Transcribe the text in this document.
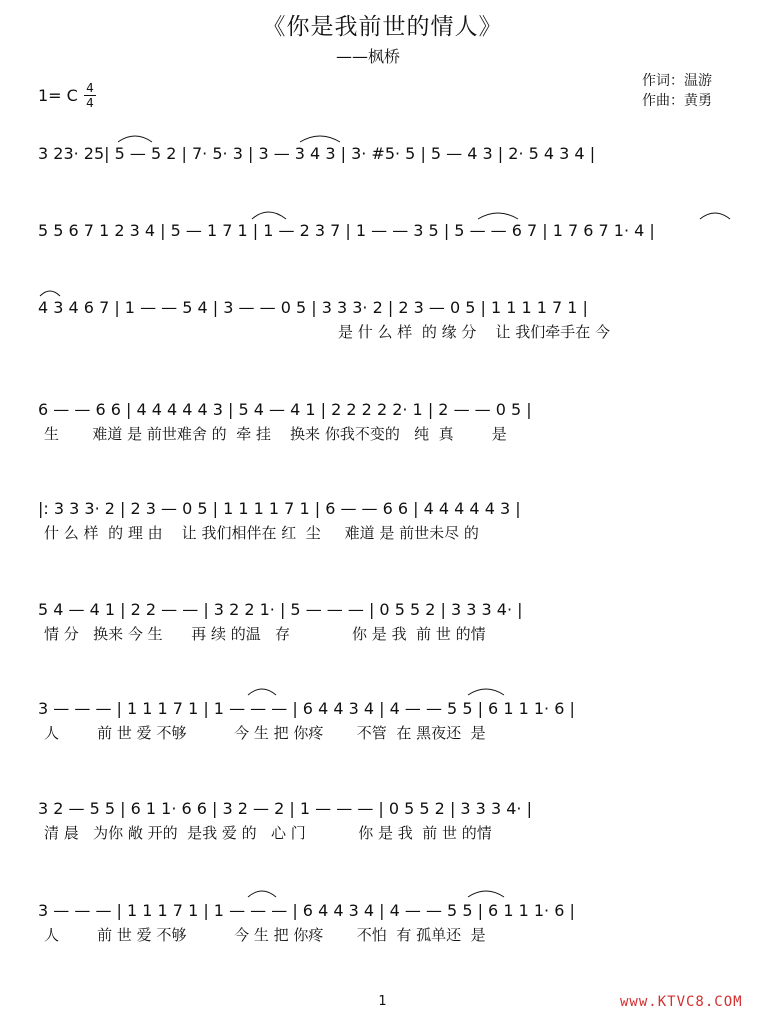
《你是我前世的情人》
——枫桥
作词：温游
作曲：黄勇
1= C 4
4
3 23· 25| 5 — 5 2 | 7· 5· 3 | 3 — 3 4 3 | 3· #5· 5 | 5 — 4 3 | 2· 5 4 3 4 |
5 5 6 7 1 2 3 4 | 5 — 1 7 1 | 1 — 2 3 7 | 1 — — 3 5 | 5 — — 6 7 | 1 7 6 7 1· 4 |
4 3 4 6 7 | 1 — — 5 4 | 3 — — 0 5 | 3 3 3· 2 | 2 3 — 0 5 | 1 1 1 1 7 1 |
是 什 么 样  的 缘 分    让 我们牵手在 今
6 — — 6 6 | 4 4 4 4 4 3 | 5 4 — 4 1 | 2 2 2 2 2· 1 | 2 — — 0 5 |
生       难道 是 前世难舍 的  牵 挂    换来 你我不变的   纯  真        是
|: 3 3 3· 2 | 2 3 — 0 5 | 1 1 1 1 7 1 | 6 — — 6 6 | 4 4 4 4 4 3 |
什 么 样  的 理 由    让 我们相伴在 红  尘     难道 是 前世未尽 的
5 4 — 4 1 | 2 2 — — | 3 2 2 1· | 5 — — — | 0 5 5 2 | 3 3 3 4· |
情 分   换来 今 生      再 续 的温   存             你 是 我  前 世 的情
3 — — — | 1 1 1 7 1 | 1 — — — | 6 4 4 3 4 | 4 — — 5 5 | 6 1 1 1· 6 |
人        前 世 爱 不够          今 生 把 你疼       不管  在 黑夜还  是
3 2 — 5 5 | 6 1 1· 6 6 | 3 2 — 2 | 1 — — — | 0 5 5 2 | 3 3 3 4· |
清 晨   为你 敞 开的  是我 爱 的   心 门           你 是 我  前 世 的情
3 — — — | 1 1 1 7 1 | 1 — — — | 6 4 4 3 4 | 4 — — 5 5 | 6 1 1 1· 6 |
人        前 世 爱 不够          今 生 把 你疼       不怕  有 孤单还  是
1	www.KTVC8.COM
